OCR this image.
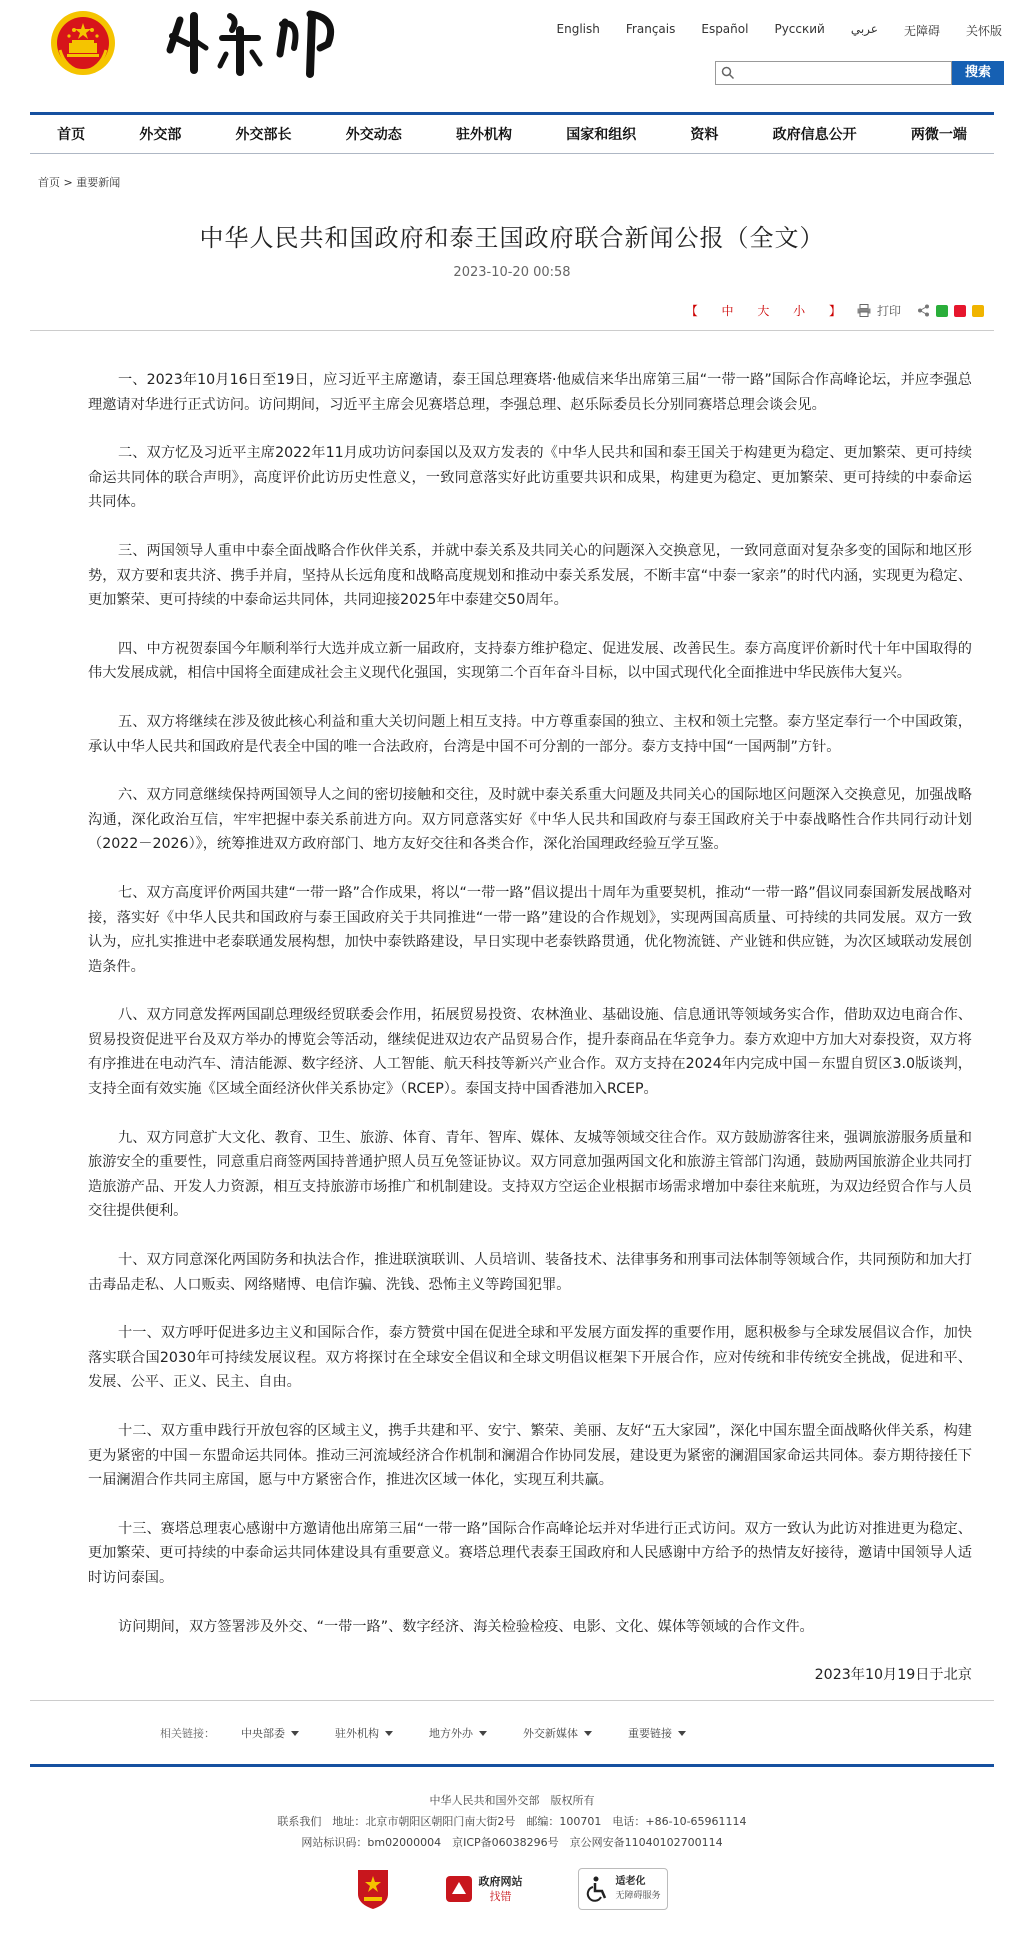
English Français Español Русский عربي 无障碍 关怀版
搜索
首页	外交部	外交部长	外交动态	驻外机构	国家和组织	资料	政府信息公开	两微一端
首页 > 重要新闻
中华人民共和国政府和泰王国政府联合新闻公报（全文）
2023-10-20 00:58
【 中 大 小 】 打印

一、2023年10月16日至19日，应习近平主席邀请，泰王国总理赛塔·他威信来华出席第三届“一带一路”国际合作高峰论坛，并应李强总理邀请对华进行正式访问。访问期间，习近平主席会见赛塔总理，李强总理、赵乐际委员长分别同赛塔总理会谈会见。

二、双方忆及习近平主席2022年11月成功访问泰国以及双方发表的《中华人民共和国和泰王国关于构建更为稳定、更加繁荣、更可持续命运共同体的联合声明》，高度评价此访历史性意义，一致同意落实好此访重要共识和成果，构建更为稳定、更加繁荣、更可持续的中泰命运共同体。

三、两国领导人重申中泰全面战略合作伙伴关系，并就中泰关系及共同关心的问题深入交换意见，一致同意面对复杂多变的国际和地区形势，双方要和衷共济、携手并肩，坚持从长远角度和战略高度规划和推动中泰关系发展，不断丰富“中泰一家亲”的时代内涵，实现更为稳定、更加繁荣、更可持续的中泰命运共同体，共同迎接2025年中泰建交50周年。

四、中方祝贺泰国今年顺利举行大选并成立新一届政府，支持泰方维护稳定、促进发展、改善民生。泰方高度评价新时代十年中国取得的伟大发展成就，相信中国将全面建成社会主义现代化强国，实现第二个百年奋斗目标，以中国式现代化全面推进中华民族伟大复兴。

五、双方将继续在涉及彼此核心利益和重大关切问题上相互支持。中方尊重泰国的独立、主权和领土完整。泰方坚定奉行一个中国政策，承认中华人民共和国政府是代表全中国的唯一合法政府，台湾是中国不可分割的一部分。泰方支持中国“一国两制”方针。

六、双方同意继续保持两国领导人之间的密切接触和交往，及时就中泰关系重大问题及共同关心的国际地区问题深入交换意见，加强战略沟通，深化政治互信，牢牢把握中泰关系前进方向。双方同意落实好《中华人民共和国政府与泰王国政府关于中泰战略性合作共同行动计划（2022－2026）》，统筹推进双方政府部门、地方友好交往和各类合作，深化治国理政经验互学互鉴。

七、双方高度评价两国共建“一带一路”合作成果，将以“一带一路”倡议提出十周年为重要契机，推动“一带一路”倡议同泰国新发展战略对接，落实好《中华人民共和国政府与泰王国政府关于共同推进“一带一路”建设的合作规划》，实现两国高质量、可持续的共同发展。双方一致认为，应扎实推进中老泰联通发展构想，加快中泰铁路建设，早日实现中老泰铁路贯通，优化物流链、产业链和供应链，为次区域联动发展创造条件。

八、双方同意发挥两国副总理级经贸联委会作用，拓展贸易投资、农林渔业、基础设施、信息通讯等领域务实合作，借助双边电商合作、贸易投资促进平台及双方举办的博览会等活动，继续促进双边农产品贸易合作，提升泰商品在华竞争力。泰方欢迎中方加大对泰投资，双方将有序推进在电动汽车、清洁能源、数字经济、人工智能、航天科技等新兴产业合作。双方支持在2024年内完成中国－东盟自贸区3.0版谈判，支持全面有效实施《区域全面经济伙伴关系协定》（RCEP）。泰国支持中国香港加入RCEP。

九、双方同意扩大文化、教育、卫生、旅游、体育、青年、智库、媒体、友城等领域交往合作。双方鼓励游客往来，强调旅游服务质量和旅游安全的重要性，同意重启商签两国持普通护照人员互免签证协议。双方同意加强两国文化和旅游主管部门沟通，鼓励两国旅游企业共同打造旅游产品、开发人力资源，相互支持旅游市场推广和机制建设。支持双方空运企业根据市场需求增加中泰往来航班，为双边经贸合作与人员交往提供便利。

十、双方同意深化两国防务和执法合作，推进联演联训、人员培训、装备技术、法律事务和刑事司法体制等领域合作，共同预防和加大打击毒品走私、人口贩卖、网络赌博、电信诈骗、洗钱、恐怖主义等跨国犯罪。

十一、双方呼吁促进多边主义和国际合作，泰方赞赏中国在促进全球和平发展方面发挥的重要作用，愿积极参与全球发展倡议合作，加快落实联合国2030年可持续发展议程。双方将探讨在全球安全倡议和全球文明倡议框架下开展合作，应对传统和非传统安全挑战，促进和平、发展、公平、正义、民主、自由。

十二、双方重申践行开放包容的区域主义，携手共建和平、安宁、繁荣、美丽、友好“五大家园”，深化中国东盟全面战略伙伴关系，构建更为紧密的中国－东盟命运共同体。推动三河流域经济合作机制和澜湄合作协同发展，建设更为紧密的澜湄国家命运共同体。泰方期待接任下一届澜湄合作共同主席国，愿与中方紧密合作，推进次区域一体化，实现互利共赢。

十三、赛塔总理衷心感谢中方邀请他出席第三届“一带一路”国际合作高峰论坛并对华进行正式访问。双方一致认为此访对推进更为稳定、更加繁荣、更可持续的中泰命运共同体建设具有重要意义。赛塔总理代表泰王国政府和人民感谢中方给予的热情友好接待，邀请中国领导人适时访问泰国。

访问期间，双方签署涉及外交、“一带一路”、数字经济、海关检验检疫、电影、文化、媒体等领域的合作文件。

2023年10月19日于北京

相关链接： 中央部委	驻外机构	地方外办	外交新媒体	重要链接
中华人民共和国外交部　版权所有
联系我们　地址：北京市朝阳区朝阳门南大街2号　邮编：100701　电话：+86-10-65961114
网站标识码：bm02000004　京ICP备06038296号　京公网安备11040102700114
政府网站
找错
适老化
无障碍服务
